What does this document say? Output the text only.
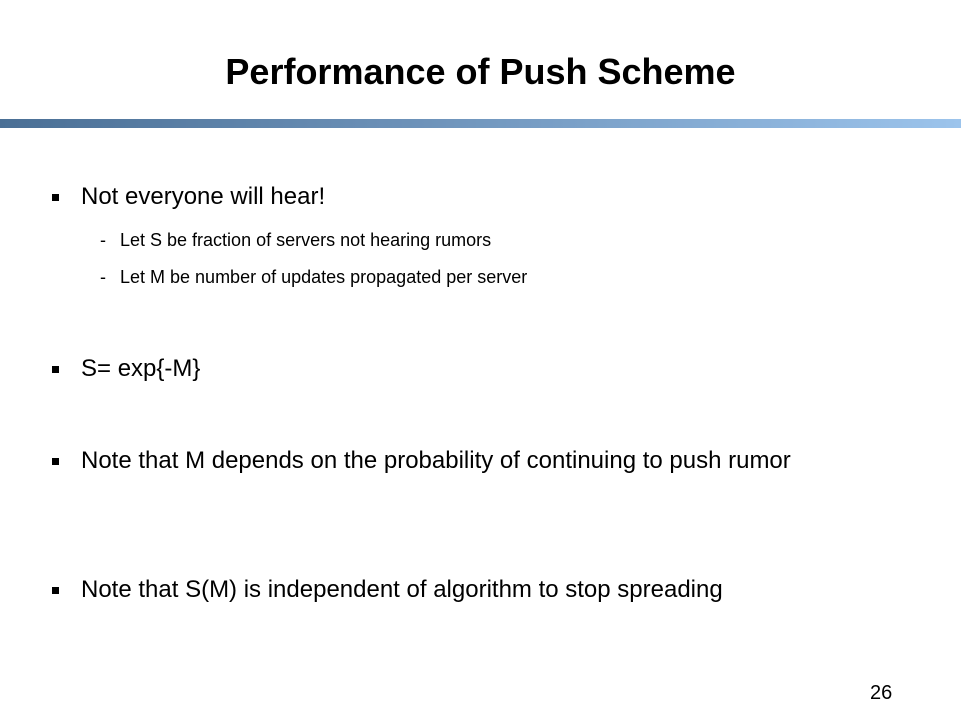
Performance of Push Scheme
Not everyone will hear!
- Let S be fraction of servers not hearing rumors
- Let M be number of updates propagated per server
S= exp{-M}
Note that M depends on the probability of continuing to push rumor
Note that S(M) is independent of algorithm to stop spreading
26
